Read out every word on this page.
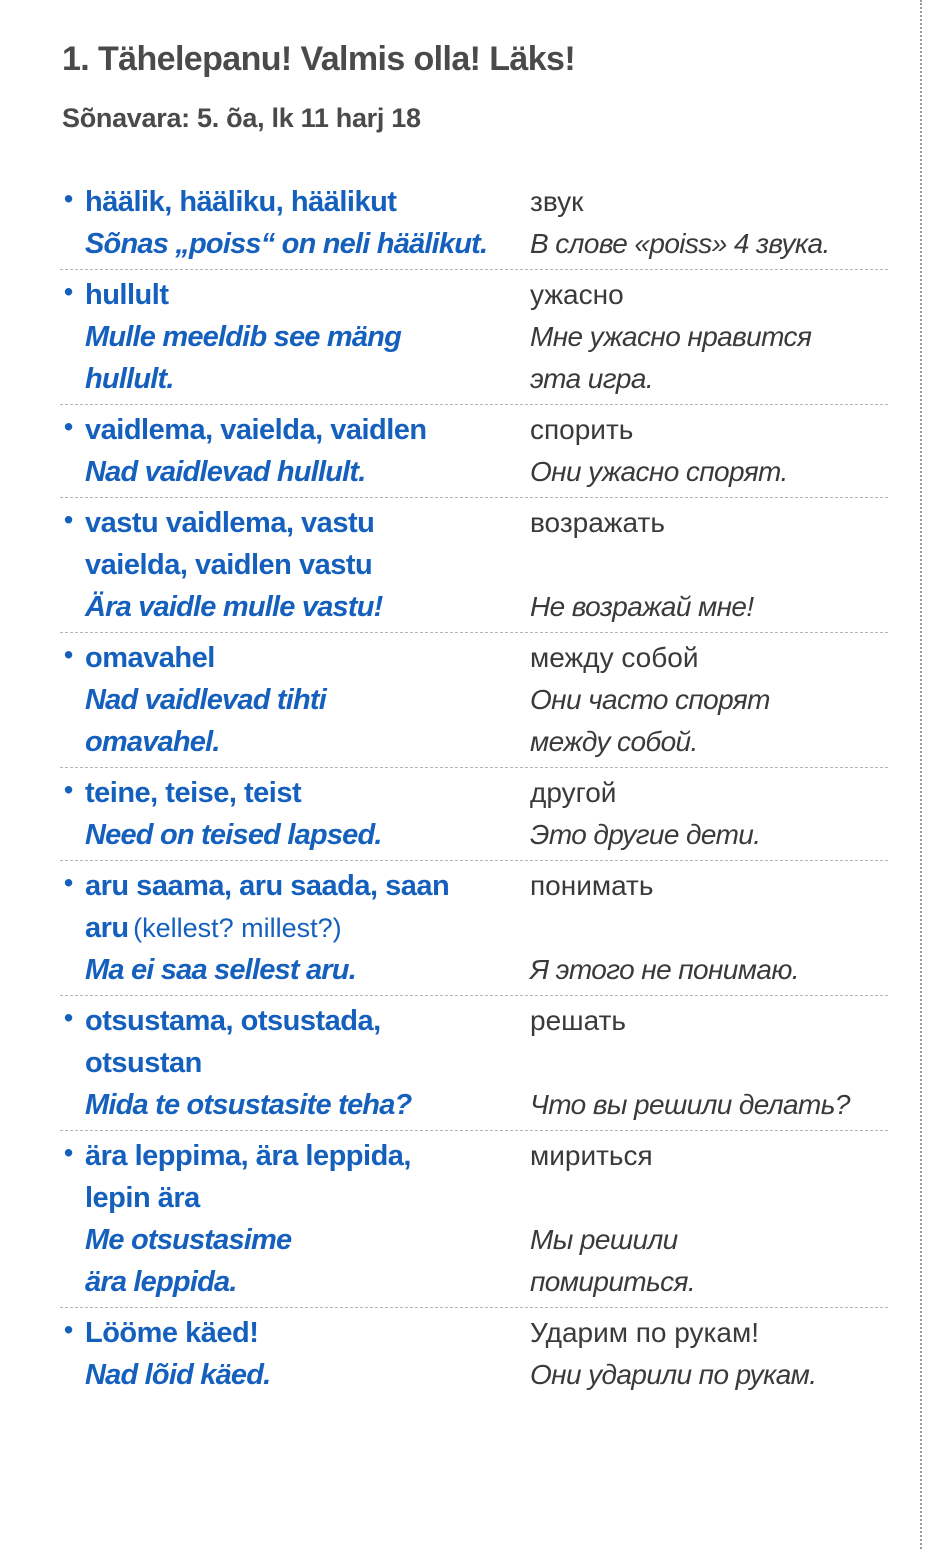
1. Tähelepanu! Valmis olla! Läks!
Sõnavara: 5. õa, lk 11 harj 18
• häälik, hääliku, häälikut	звук
Sõnas „poiss“ on neli häälikut.	В слове «poiss» 4 звука.
• hullult	ужасно
Mulle meeldib see mäng	Мне ужасно нравится
hullult.	эта игра.
• vaidlema, vaielda, vaidlen	спорить
Nad vaidlevad hullult.	Они ужасно спорят.
• vastu vaidlema, vastu	возражать
vaielda, vaidlen vastu
Ära vaidle mulle vastu!	Не возражай мне!
• omavahel	между собой
Nad vaidlevad tihti	Они часто спорят
omavahel.	между собой.
• teine, teise, teist	другой
Need on teised lapsed.	Это другие дети.
• aru saama, aru saada, saan	понимать
aru (kellest? millest?)
Ma ei saa sellest aru.	Я этого не понимаю.
• otsustama, otsustada,	решать
otsustan
Mida te otsustasite teha?	Что вы решили делать?
• ära leppima, ära leppida,	мириться
lepin ära
Me otsustasime	Мы решили
ära leppida.	помириться.
• Lööme käed!	Ударим по рукам!
Nad lõid käed.	Они ударили по рукам.
